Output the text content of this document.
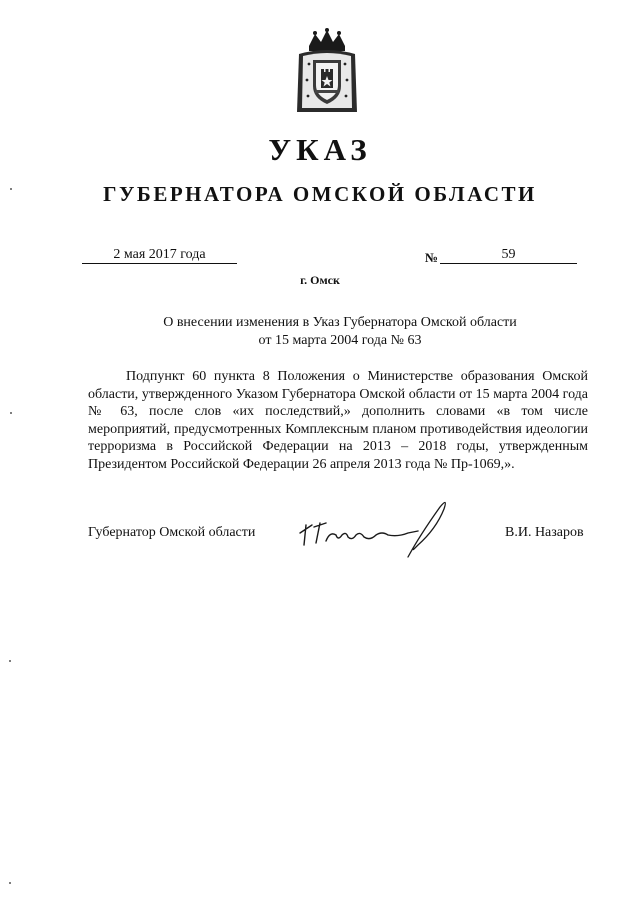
УКАЗ
ГУБЕРНАТОРА ОМСКОЙ ОБЛАСТИ
2 мая 2017 года	№	59
г. Омск
О внесении изменения в Указ Губернатора Омской области
от 15 марта 2004 года № 63
Подпункт 60 пункта 8 Положения о Министерстве образования Омской области, утвержденного Указом Губернатора Омской области от 15 марта 2004 года № 63, после слов «их последствий,» дополнить словами «в том числе мероприятий, предусмотренных Комплексным планом противодействия идеологии терроризма в Российской Федерации на 2013 – 2018 годы, утвержденным Президентом Российской Федерации 26 апреля 2013 года № Пр-1069,».
Губернатор Омской области	В.И. Назаров
